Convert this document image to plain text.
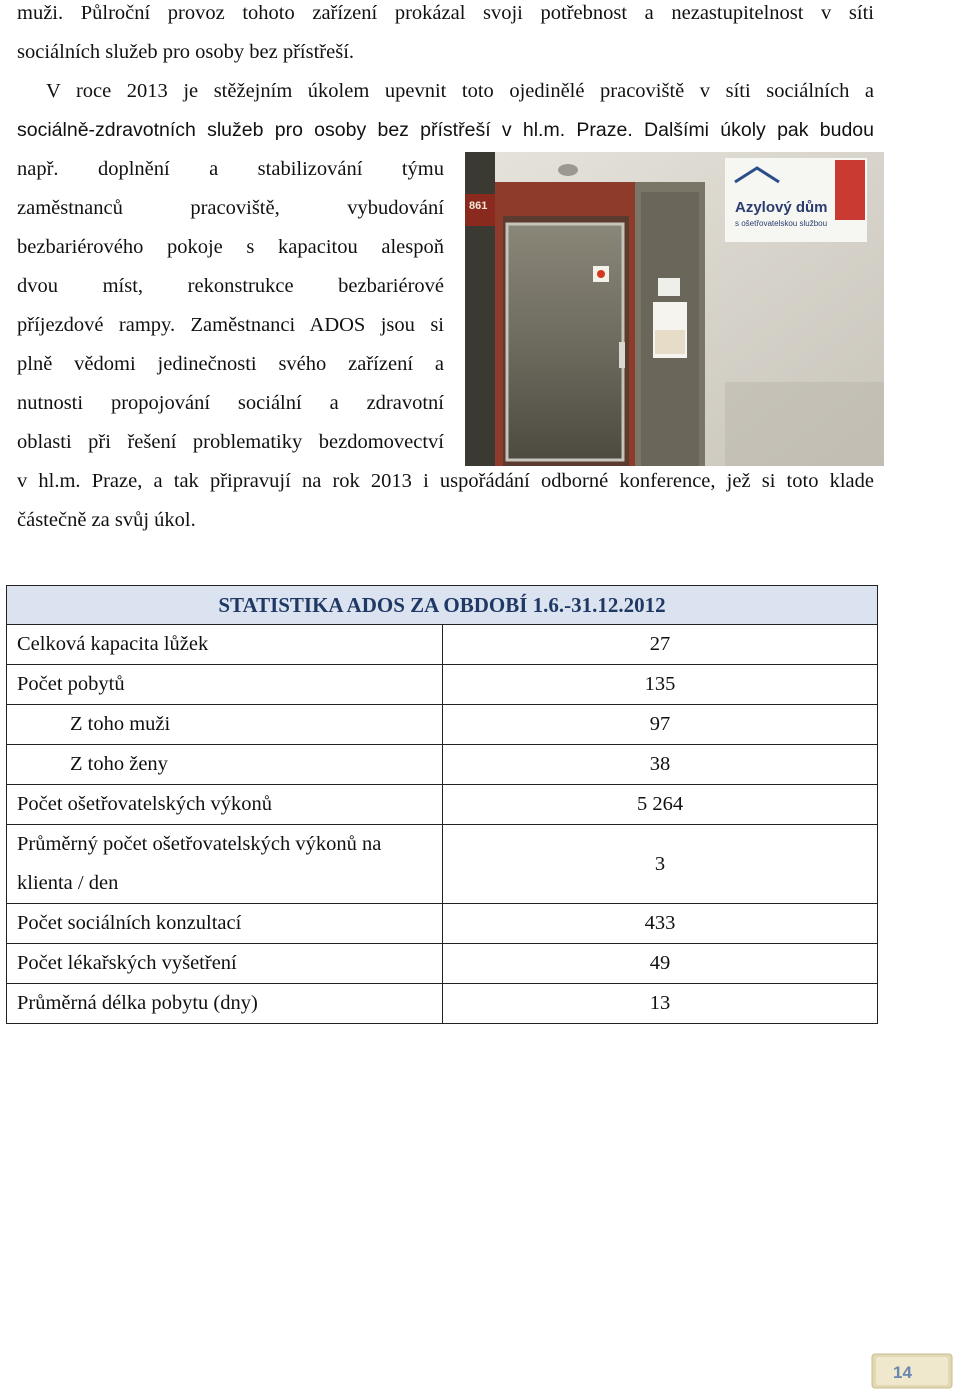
muži. Půlroční provoz tohoto zařízení prokázal svoji potřebnost a nezastupitelnost v síti
sociálních služeb pro osoby bez přístřeší.
V roce 2013 je stěžejním úkolem upevnit toto ojedinělé pracoviště v síti sociálních a
sociálně-zdravotních služeb pro osoby bez přístřeší v hl.m. Praze. Dalšími úkoly pak budou
např. doplnění a stabilizování týmu
zaměstnanců pracoviště, vybudování
bezbariérového pokoje s kapacitou alespoň
dvou míst, rekonstrukce bezbariérové
příjezdové rampy. Zaměstnanci ADOS jsou si
plně vědomi jedinečnosti svého zařízení a
nutnosti propojování sociální a zdravotní
oblasti při řešení problematiky bezdomovectví
v hl.m. Praze, a tak připravují na rok 2013 i uspořádání odborné konference, jež si toto klade
částečně za svůj úkol.
861	Azylový dům
s ošetřovatelskou službou
STATISTIKA ADOS ZA OBDOBÍ 1.6.-31.12.2012	
Celková kapacita lůžek	27
Počet pobytů	135
Z toho muži	97
Z toho ženy	38
Počet ošetřovatelských výkonů	5 264

Průměrný počet ošetřovatelských výkonů na
klienta / den	3
Počet sociálních konzultací	433
Počet lékařských vyšetření	49
Průměrná délka pobytu (dny)	13
14
